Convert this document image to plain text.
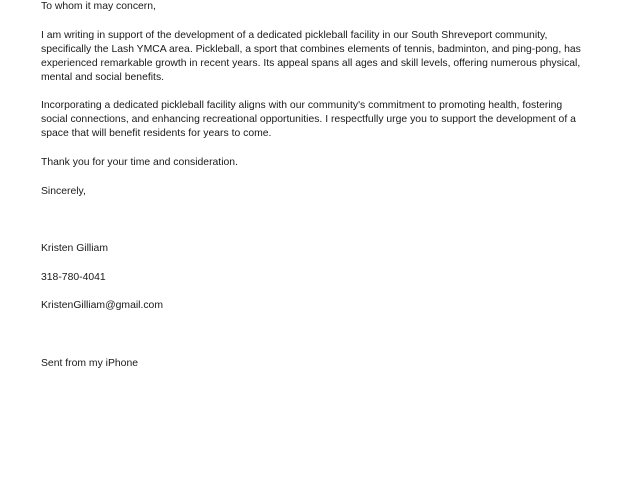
To whom it may concern,
I am writing in support of the development of a dedicated pickleball facility in our South Shreveport community,
specifically the Lash YMCA area. Pickleball, a sport that combines elements of tennis, badminton, and ping-pong, has
experienced remarkable growth in recent years. Its appeal spans all ages and skill levels, offering numerous physical,
mental and social benefits.
Incorporating a dedicated pickleball facility aligns with our community's commitment to promoting health, fostering
social connections, and enhancing recreational opportunities. I respectfully urge you to support the development of a
space that will benefit residents for years to come.
Thank you for your time and consideration.
Sincerely,
Kristen Gilliam
318-780-4041
KristenGilliam@gmail.com
Sent from my iPhone
